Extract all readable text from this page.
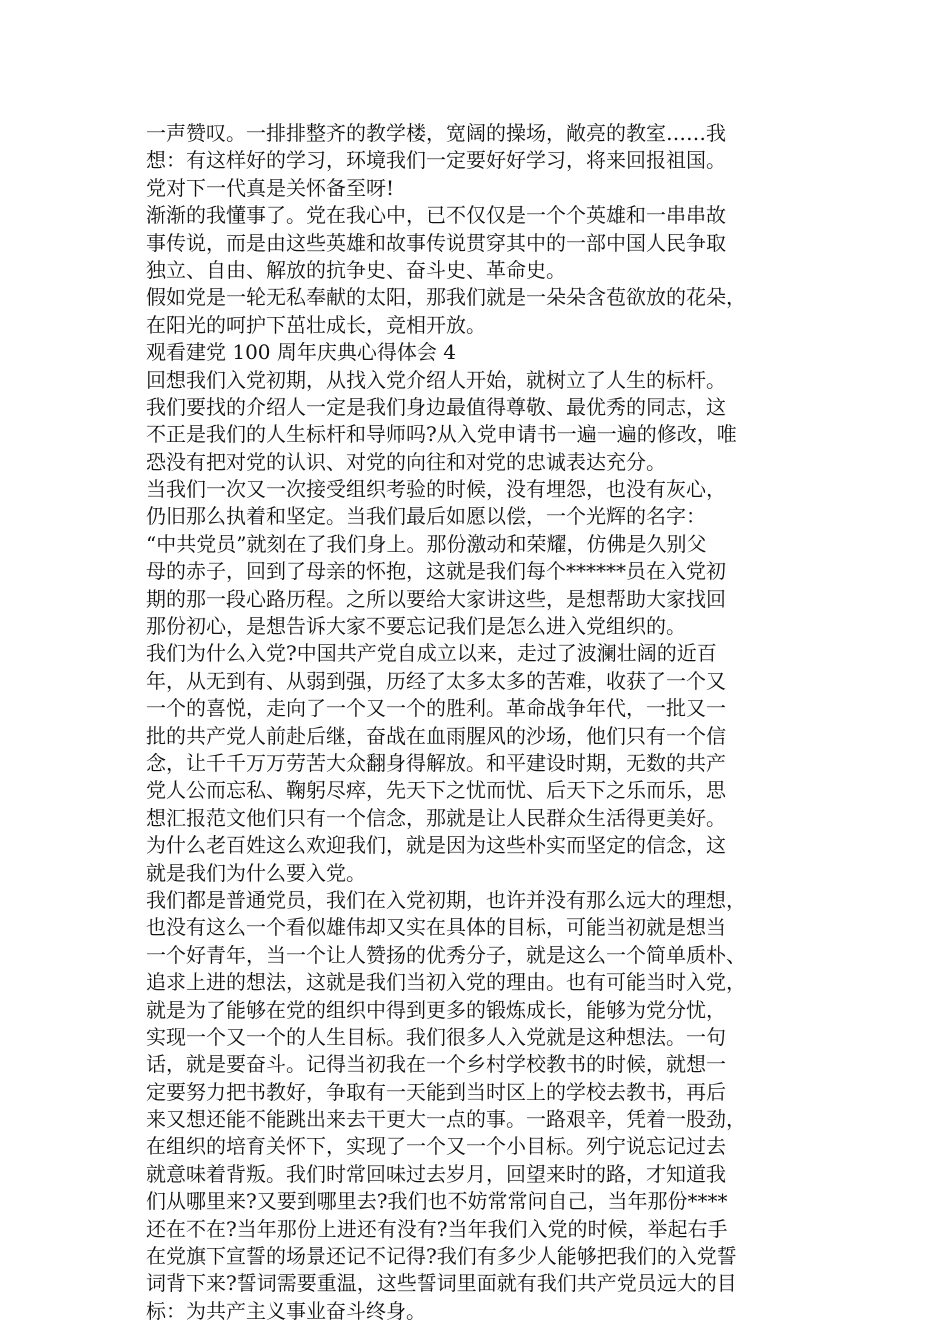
一声赞叹。一排排整齐的教学楼，宽阔的操场，敞亮的教室……我
想：有这样好的学习，环境我们一定要好好学习，将来回报祖国。
党对下一代真是关怀备至呀!
渐渐的我懂事了。党在我心中，已不仅仅是一个个英雄和一串串故
事传说，而是由这些英雄和故事传说贯穿其中的一部中国人民争取
独立、自由、解放的抗争史、奋斗史、革命史。
假如党是一轮无私奉献的太阳，那我们就是一朵朵含苞欲放的花朵，
在阳光的呵护下茁壮成长，竞相开放。
观看建党 100 周年庆典心得体会 4
回想我们入党初期，从找入党介绍人开始，就树立了人生的标杆。
我们要找的介绍人一定是我们身边最值得尊敬、最优秀的同志，这
不正是我们的人生标杆和导师吗?从入党申请书一遍一遍的修改，唯
恐没有把对党的认识、对党的向往和对党的忠诚表达充分。
当我们一次又一次接受组织考验的时候，没有埋怨，也没有灰心，
仍旧那么执着和坚定。当我们最后如愿以偿，一个光辉的名字：
“中共党员”就刻在了我们身上。那份激动和荣耀，仿佛是久别父
母的赤子，回到了母亲的怀抱，这就是我们每个******员在入党初
期的那一段心路历程。之所以要给大家讲这些，是想帮助大家找回
那份初心，是想告诉大家不要忘记我们是怎么进入党组织的。
我们为什么入党?中国共产党自成立以来，走过了波澜壮阔的近百
年，从无到有、从弱到强，历经了太多太多的苦难，收获了一个又
一个的喜悦，走向了一个又一个的胜利。革命战争年代，一批又一
批的共产党人前赴后继，奋战在血雨腥风的沙场，他们只有一个信
念，让千千万万劳苦大众翻身得解放。和平建设时期，无数的共产
党人公而忘私、鞠躬尽瘁，先天下之忧而忧、后天下之乐而乐，思
想汇报范文他们只有一个信念，那就是让人民群众生活得更美好。
为什么老百姓这么欢迎我们，就是因为这些朴实而坚定的信念，这
就是我们为什么要入党。
我们都是普通党员，我们在入党初期，也许并没有那么远大的理想，
也没有这么一个看似雄伟却又实在具体的目标，可能当初就是想当
一个好青年，当一个让人赞扬的优秀分子，就是这么一个简单质朴、
追求上进的想法，这就是我们当初入党的理由。也有可能当时入党，
就是为了能够在党的组织中得到更多的锻炼成长，能够为党分忧，
实现一个又一个的人生目标。我们很多人入党就是这种想法。一句
话，就是要奋斗。记得当初我在一个乡村学校教书的时候，就想一
定要努力把书教好，争取有一天能到当时区上的学校去教书，再后
来又想还能不能跳出来去干更大一点的事。一路艰辛，凭着一股劲，
在组织的培育关怀下，实现了一个又一个小目标。列宁说忘记过去
就意味着背叛。我们时常回味过去岁月，回望来时的路，才知道我
们从哪里来?又要到哪里去?我们也不妨常常问自己，当年那份****
还在不在?当年那份上进还有没有?当年我们入党的时候，举起右手
在党旗下宣誓的场景还记不记得?我们有多少人能够把我们的入党誓
词背下来?誓词需要重温，这些誓词里面就有我们共产党员远大的目
标：为共产主义事业奋斗终身。
